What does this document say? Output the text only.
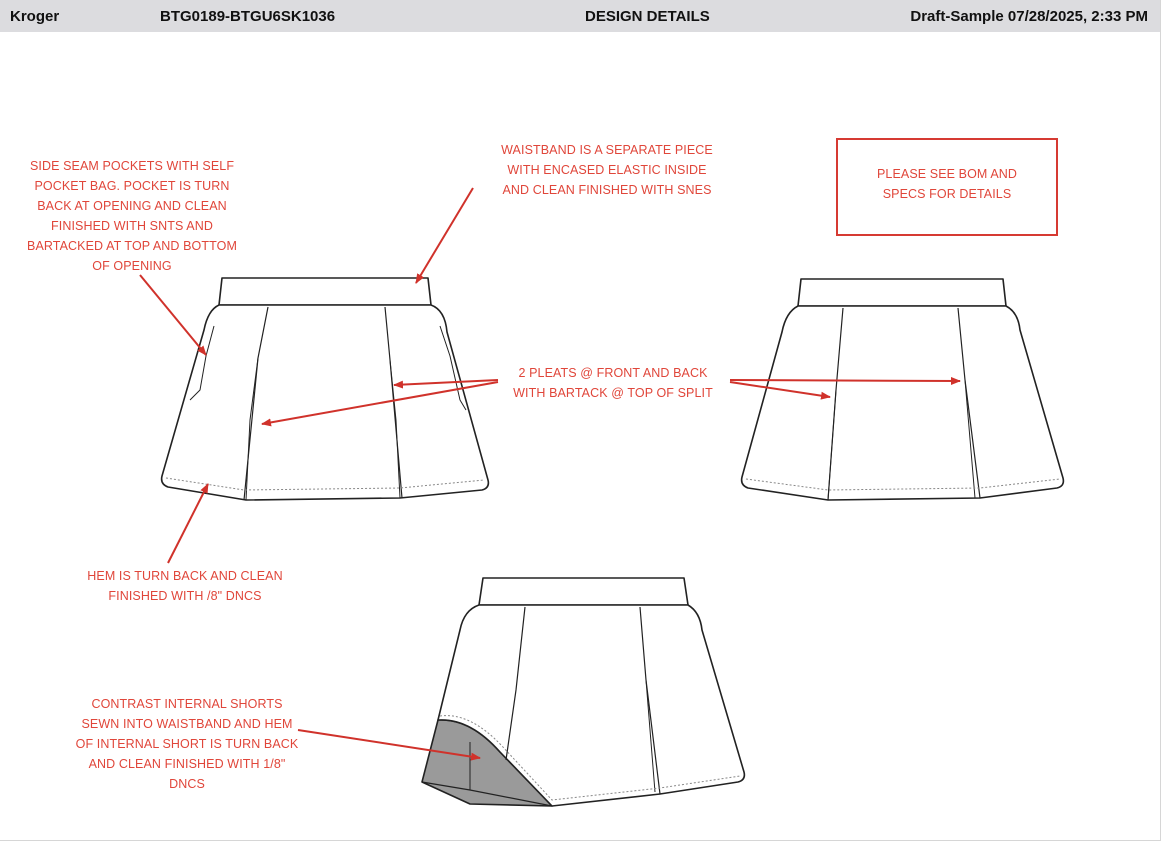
Kroger	BTG0189-BTGU6SK1036	DESIGN DETAILS	Draft-Sample 07/28/2025, 2:33 PM
SIDE SEAM POCKETS WITH SELF
POCKET BAG. POCKET IS TURN
BACK AT OPENING AND CLEAN
FINISHED WITH SNTS AND
BARTACKED AT TOP AND BOTTOM
OF OPENING
WAISTBAND IS A SEPARATE PIECE
WITH ENCASED ELASTIC INSIDE
AND CLEAN FINISHED WITH SNES
PLEASE SEE BOM AND
SPECS FOR DETAILS
2 PLEATS @ FRONT AND BACK
WITH BARTACK @ TOP OF SPLIT
HEM IS TURN BACK AND CLEAN
FINISHED WITH /8" DNCS
CONTRAST INTERNAL SHORTS
SEWN INTO WAISTBAND AND HEM
OF INTERNAL SHORT IS TURN BACK
AND CLEAN FINISHED WITH 1/8"
DNCS
